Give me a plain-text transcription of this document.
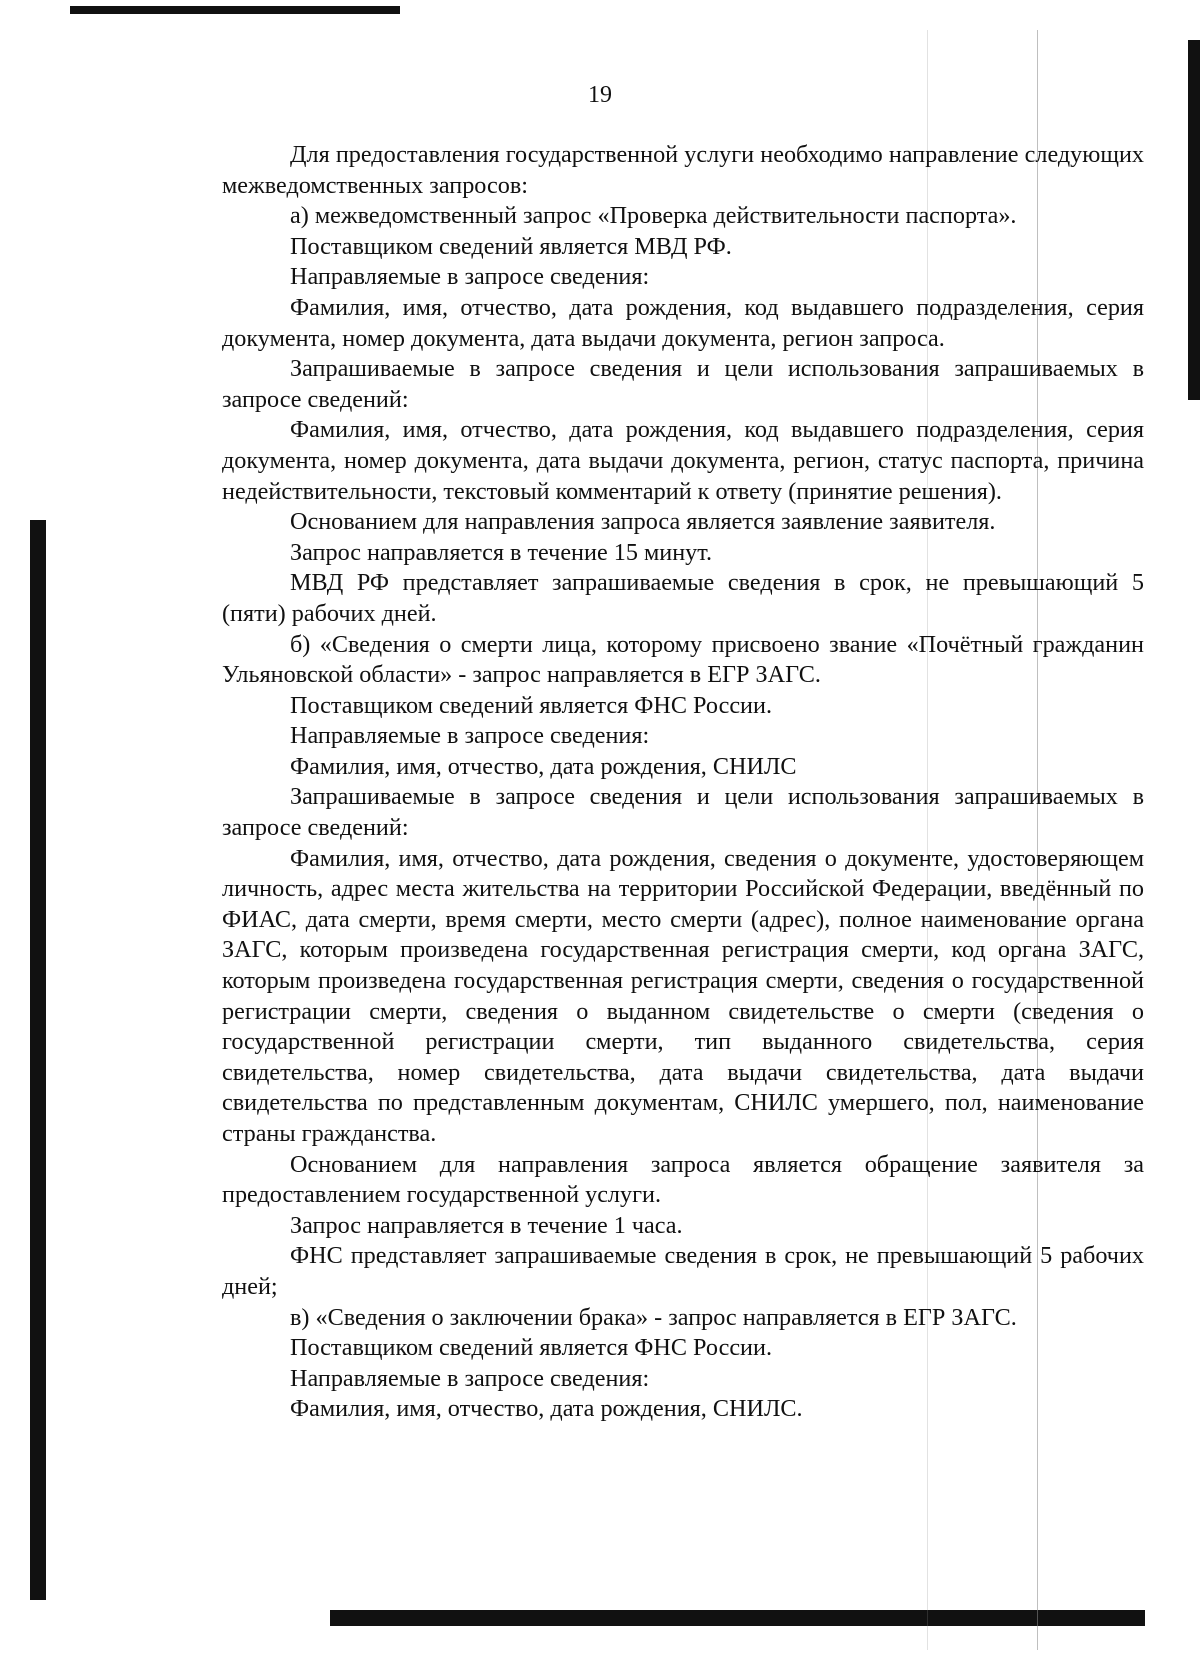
19

Для предоставления государственной услуги необходимо направление следующих межведомственных запросов:

а) межведомственный запрос «Проверка действительности паспорта».

Поставщиком сведений является МВД РФ.

Направляемые в запросе сведения:

Фамилия, имя, отчество, дата рождения, код выдавшего подразделения, серия документа, номер документа, дата выдачи документа, регион запроса.

Запрашиваемые в запросе сведения и цели использования запрашиваемых в запросе сведений:

Фамилия, имя, отчество, дата рождения, код выдавшего подразделения, серия документа, номер документа, дата выдачи документа, регион, статус паспорта, причина недействительности, текстовый комментарий к ответу (принятие решения).

Основанием для направления запроса является заявление заявителя.

Запрос направляется в течение 15 минут.

МВД РФ представляет запрашиваемые сведения в срок, не превышающий 5 (пяти) рабочих дней.

б) «Сведения о смерти лица, которому присвоено звание «Почётный гражданин Ульяновской области» - запрос направляется в ЕГР ЗАГС.

Поставщиком сведений является ФНС России.

Направляемые в запросе сведения:

Фамилия, имя, отчество, дата рождения, СНИЛС

Запрашиваемые в запросе сведения и цели использования запрашиваемых в запросе сведений:

Фамилия, имя, отчество, дата рождения, сведения о документе, удостоверяющем личность, адрес места жительства на территории Российской Федерации, введённый по ФИАС, дата смерти, время смерти, место смерти (адрес), полное наименование органа ЗАГС, которым произведена государственная регистрация смерти, код органа ЗАГС, которым произведена государственная регистрация смерти, сведения о государственной регистрации смерти, сведения о выданном свидетельстве о смерти (сведения о государственной регистрации смерти, тип выданного свидетельства, серия свидетельства, номер свидетельства, дата выдачи свидетельства, дата выдачи свидетельства по представленным документам, СНИЛС умершего, пол, наименование страны гражданства.

Основанием для направления запроса является обращение заявителя за предоставлением государственной услуги.

Запрос направляется в течение 1 часа.

ФНС представляет запрашиваемые сведения в срок, не превышающий 5 рабочих дней;

в) «Сведения о заключении брака» - запрос направляется в ЕГР ЗАГС.

Поставщиком сведений является ФНС России.

Направляемые в запросе сведения:

Фамилия, имя, отчество, дата рождения, СНИЛС.
